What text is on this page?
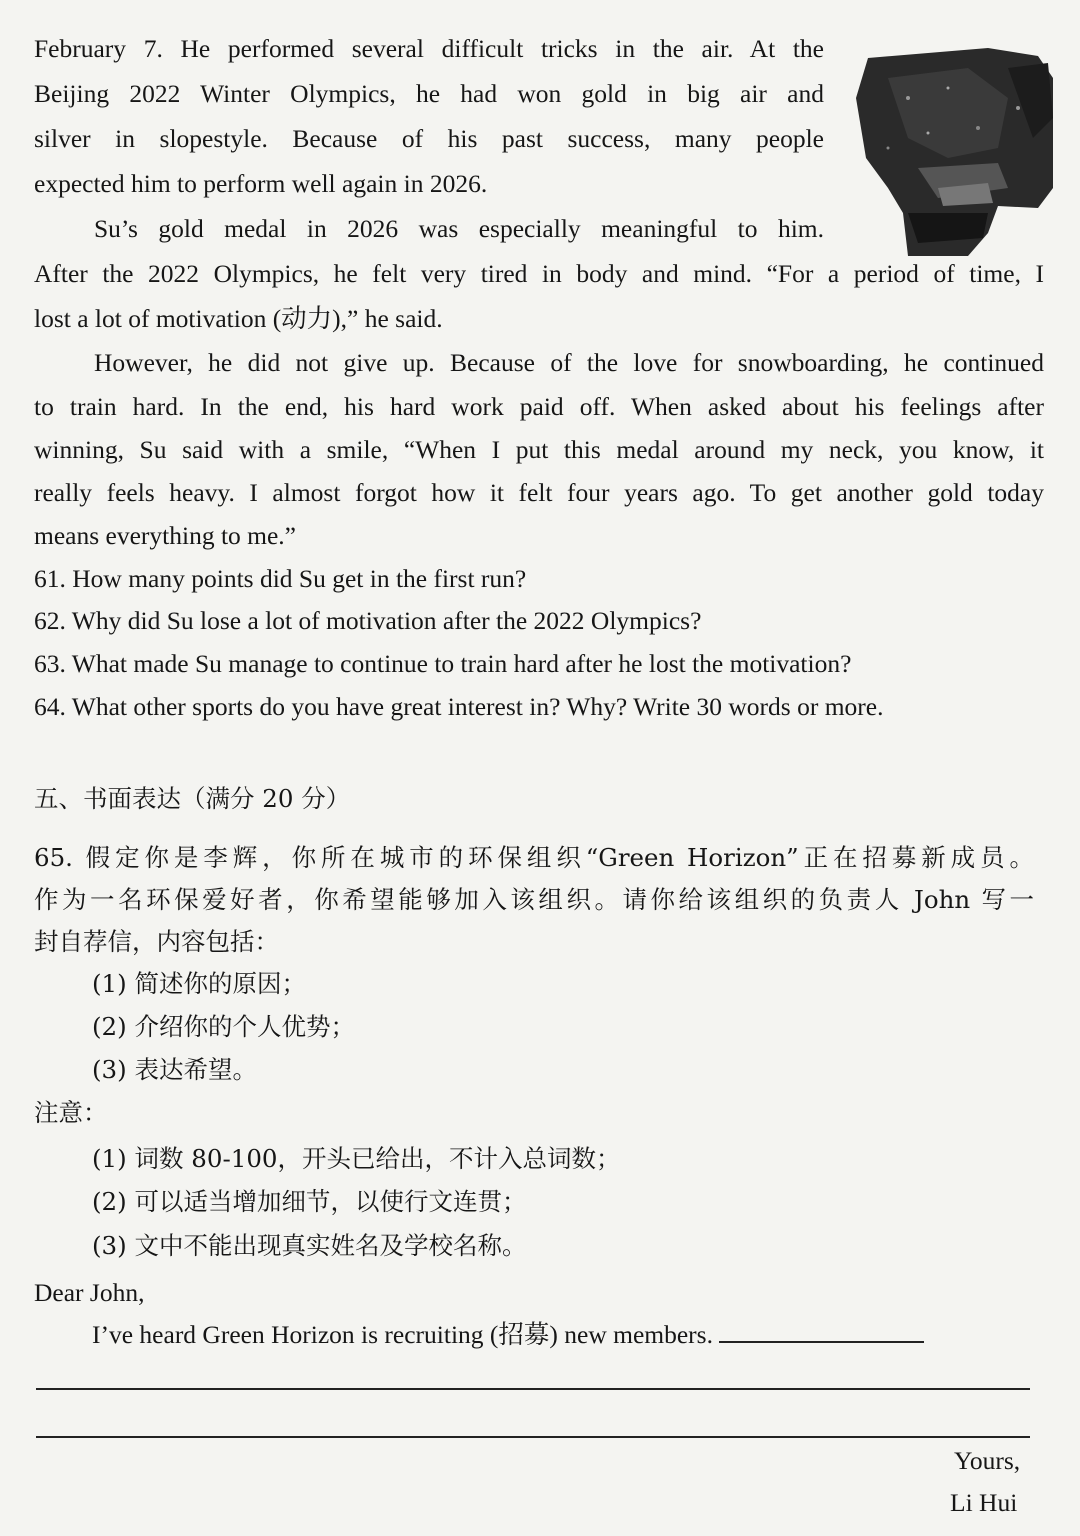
February 7. He performed several difficult tricks in the air. At the
Beijing 2022 Winter Olympics, he had won gold in big air and
silver in slopestyle. Because of his past success, many people
expected him to perform well again in 2026.
Su’s gold medal in 2026 was especially meaningful to him.
After the 2022 Olympics, he felt very tired in body and mind. “For a period of time, I
lost a lot of motivation (动力),” he said.
However, he did not give up. Because of the love for snowboarding, he continued
to train hard. In the end, his hard work paid off. When asked about his feelings after
winning, Su said with a smile, “When I put this medal around my neck, you know, it
really feels heavy. I almost forgot how it felt four years ago. To get another gold today
means everything to me.”
61. How many points did Su get in the first run?
62. Why did Su lose a lot of motivation after the 2022 Olympics?
63. What made Su manage to continue to train hard after he lost the motivation?
64. What other sports do you have great interest in? Why? Write 30 words or more.
五、书面表达（满分 20 分）
65. 假定你是李辉，你所在城市的环保组织“Green Horizon”正在招募新成员。
作为一名环保爱好者，你希望能够加入该组织。请你给该组织的负责人 John 写一
封自荐信，内容包括：
(1) 简述你的原因；
(2) 介绍你的个人优势；
(3) 表达希望。
注意：
(1) 词数 80-100，开头已给出，不计入总词数；
(2) 可以适当增加细节，以使行文连贯；
(3) 文中不能出现真实姓名及学校名称。
Dear John,
I’ve heard Green Horizon is recruiting (招募) new members.
Yours,
Li Hui
